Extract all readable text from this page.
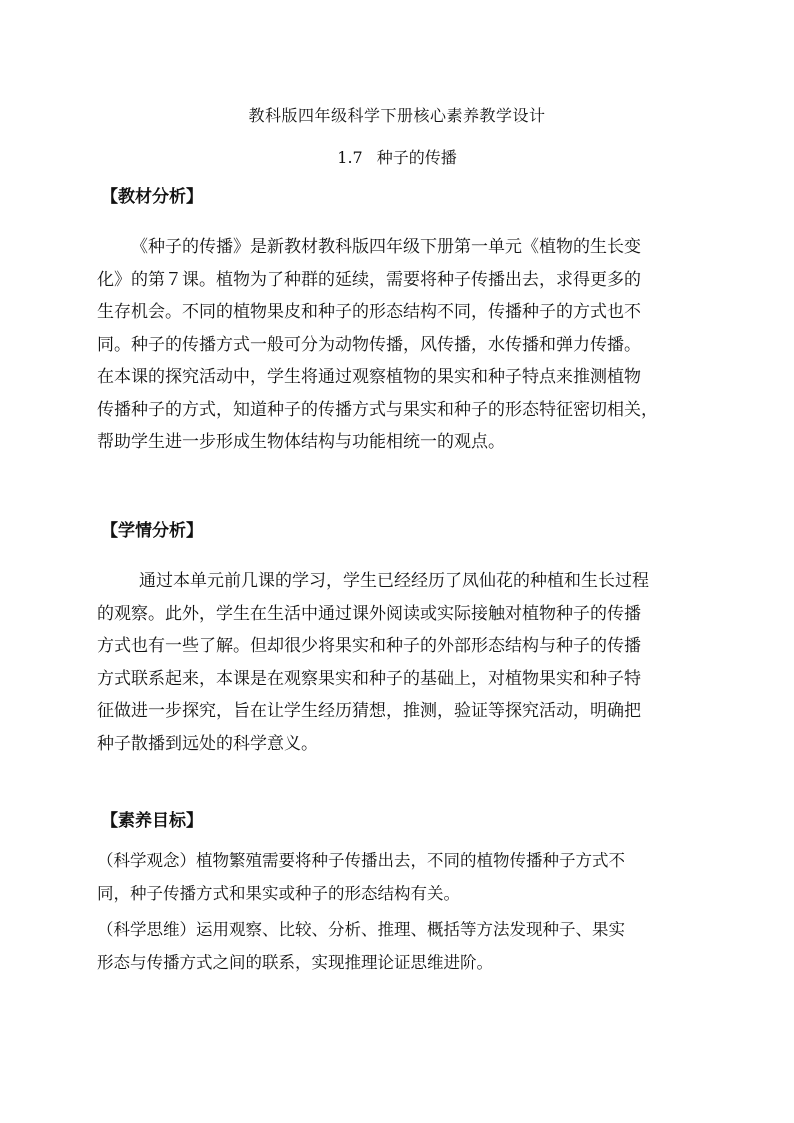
教科版四年级科学下册核心素养教学设计
1.7 种子的传播
【教材分析】

《种子的传播》是新教材教科版四年级下册第一单元《植物的生长变

化》的第７课。植物为了种群的延续，需要将种子传播出去，求得更多的

生存机会。不同的植物果皮和种子的形态结构不同，传播种子的方式也不

同。种子的传播方式一般可分为动物传播，风传播，水传播和弹力传播。

在本课的探究活动中，学生将通过观察植物的果实和种子特点来推测植物

传播种子的方式，知道种子的传播方式与果实和种子的形态特征密切相关，

帮助学生进一步形成生物体结构与功能相统一的观点。

【学情分析】

通过本单元前几课的学习，学生已经经历了凤仙花的种植和生长过程

的观察。此外，学生在生活中通过课外阅读或实际接触对植物种子的传播

方式也有一些了解。但却很少将果实和种子的外部形态结构与种子的传播

方式联系起来，本课是在观察果实和种子的基础上，对植物果实和种子特

征做进一步探究，旨在让学生经历猜想，推测，验证等探究活动，明确把

种子散播到远处的科学意义。

【素养目标】
（科学观念）植物繁殖需要将种子传播出去，不同的植物传播种子方式不
同，种子传播方式和果实或种子的形态结构有关。
（科学思维）运用观察、比较、分析、推理、概括等方法发现种子、果实
形态与传播方式之间的联系，实现推理论证思维进阶。
